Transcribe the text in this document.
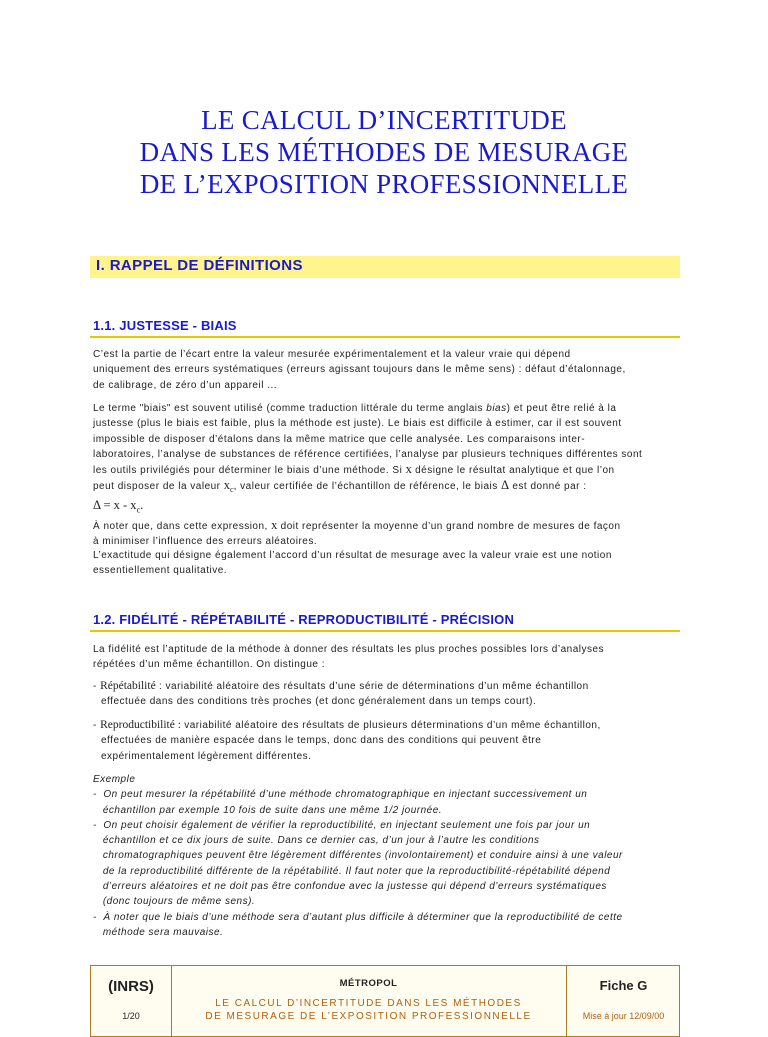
LE CALCUL D’INCERTITUDE
DANS LES MÉTHODES DE MESURAGE
DE L’EXPOSITION PROFESSIONNELLE
I. RAPPEL DE DÉFINITIONS
1.1. JUSTESSE - BIAIS
C’est la partie de l’écart entre la valeur mesurée expérimentalement et la valeur vraie qui dépend
uniquement des erreurs systématiques (erreurs agissant toujours dans le même sens) : défaut d’étalonnage,
de calibrage, de zéro d’un appareil ...
Le terme "biais" est souvent utilisé (comme traduction littérale du terme anglais bias) et peut être relié à la
justesse (plus le biais est faible, plus la méthode est juste). Le biais est difficile à estimer, car il est souvent
impossible de disposer d’étalons dans la même matrice que celle analysée. Les comparaisons inter-
laboratoires, l’analyse de substances de référence certifiées, l’analyse par plusieurs techniques différentes sont
les outils privilégiés pour déterminer le biais d’une méthode. Si x désigne le résultat analytique et que l’on
peut disposer de la valeur $x_c$, valeur certifiée de l’échantillon de référence, le biais Δ est donné par :
$\Delta = x - x_c$.
À noter que, dans cette expression, x doit représenter la moyenne d’un grand nombre de mesures de façon
à minimiser l’influence des erreurs aléatoires.
L’exactitude qui désigne également l’accord d’un résultat de mesurage avec la valeur vraie est une notion
essentiellement qualitative.
1.2. FIDÉLITÉ - RÉPÉTABILITÉ - REPRODUCTIBILITÉ - PRÉCISION
La fidélité est l’aptitude de la méthode à donner des résultats les plus proches possibles lors d’analyses
répétées d’un même échantillon. On distingue :
- Répétabilité : variabilité aléatoire des résultats d’une série de déterminations d’un même échantillon
effectuée dans des conditions très proches (et donc généralement dans un temps court).
- Reproductibilité : variabilité aléatoire des résultats de plusieurs déterminations d’un même échantillon,
effectuées de manière espacée dans le temps, donc dans des conditions qui peuvent être
expérimentalement légèrement différentes.
Exemple
-  On peut mesurer la répétabilité d’une méthode chromatographique en injectant successivement un
échantillon par exemple 10 fois de suite dans une même 1/2 journée.
-  On peut choisir également de vérifier la reproductibilité, en injectant seulement une fois par jour un
échantillon et ce dix jours de suite. Dans ce dernier cas, d’un jour à l’autre les conditions
chromatographiques peuvent être légèrement différentes (involontairement) et conduire ainsi à une valeur
de la reproductibilité différente de la répétabilité. Il faut noter que la reproductibilité-répétabilité dépend
d’erreurs aléatoires et ne doit pas être confondue avec la justesse qui dépend d’erreurs systématiques
(donc toujours de même sens).
-  À noter que le biais d’une méthode sera d’autant plus difficile à déterminer que la reproductibilité de cette
méthode sera mauvaise.
(INRS)
1/20
MÉTROPOL
LE CALCUL D’INCERTITUDE DANS LES MÉTHODES
DE MESURAGE DE L’EXPOSITION PROFESSIONNELLE
Fiche G
Mise à jour 12/09/00
